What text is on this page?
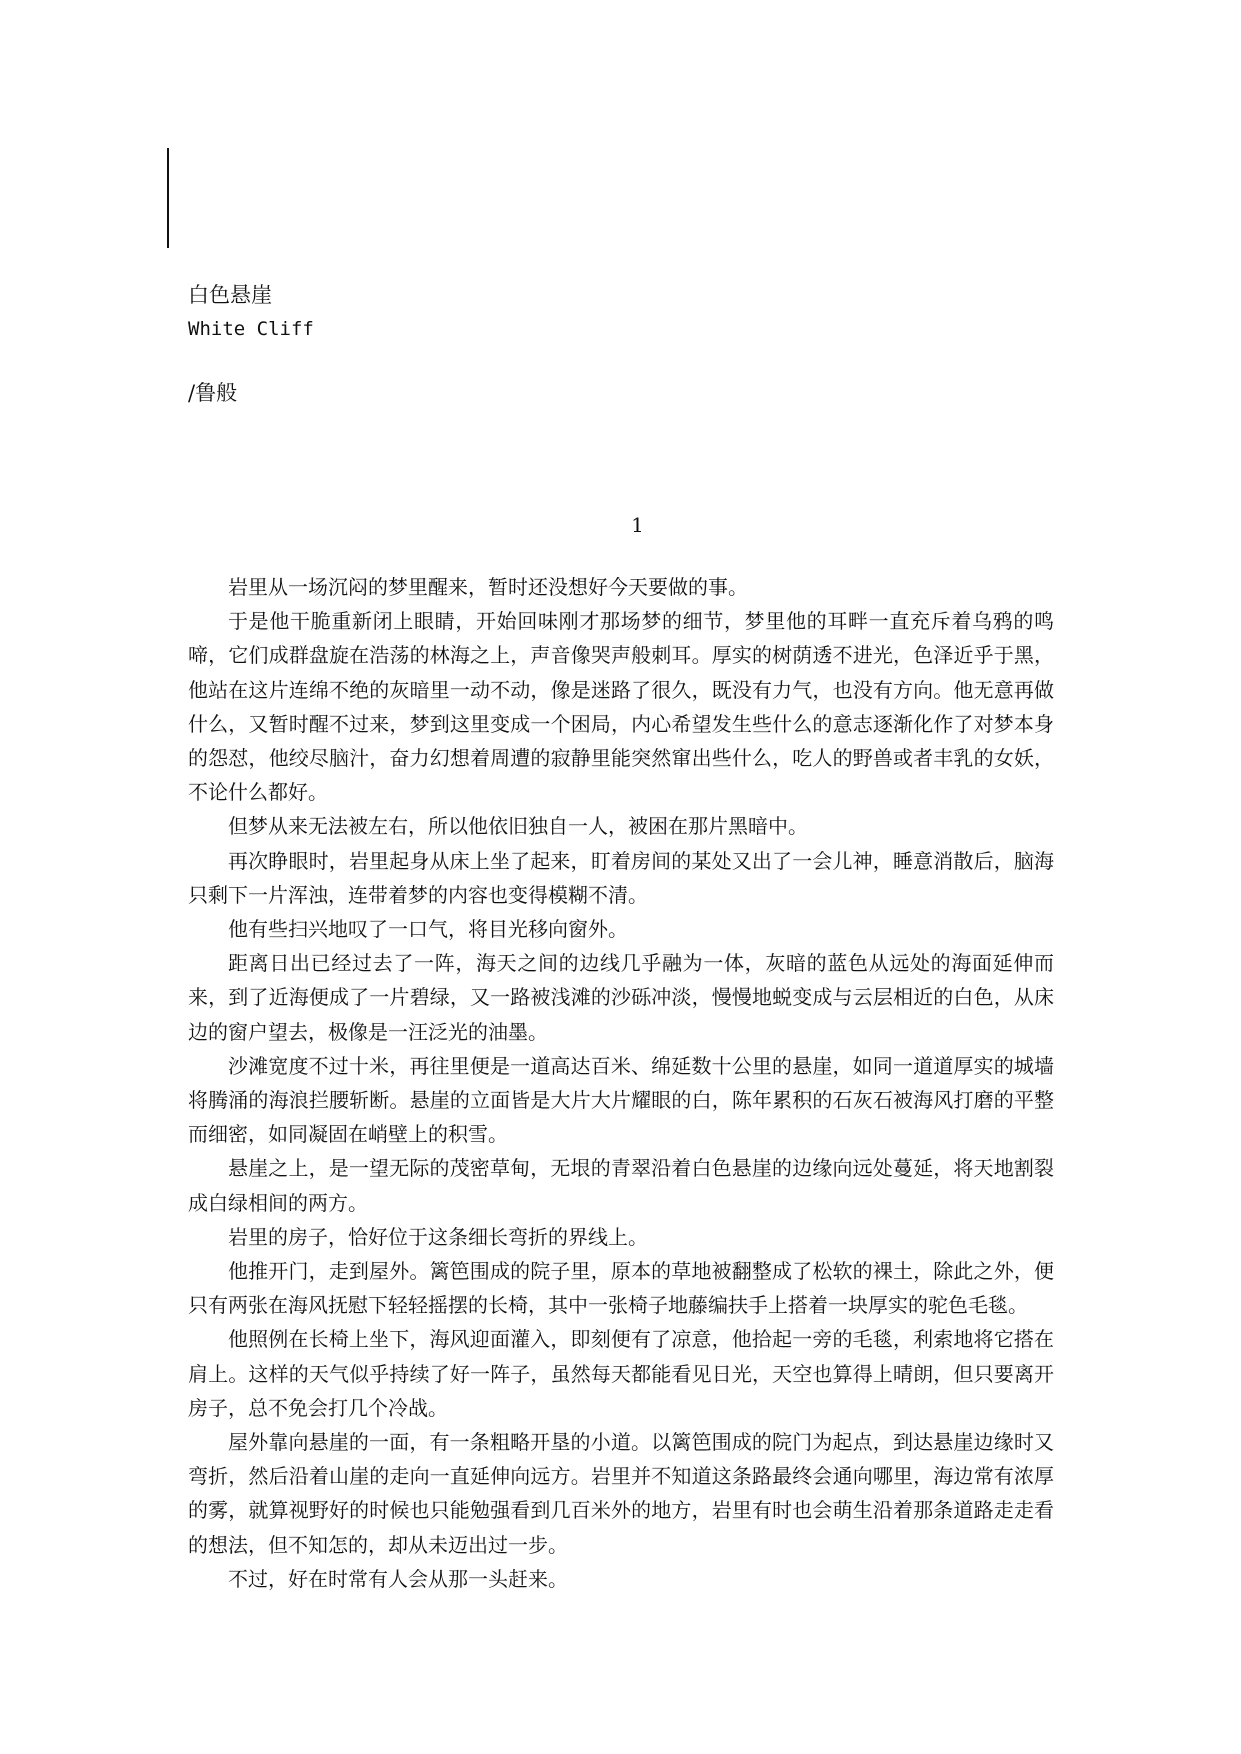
白色悬崖

White Cliff

/鲁般

1

岩里从一场沉闷的梦里醒来，暂时还没想好今天要做的事。

于是他干脆重新闭上眼睛，开始回味刚才那场梦的细节，梦里他的耳畔一直充斥着乌鸦的鸣啼，它们成群盘旋在浩荡的林海之上，声音像哭声般刺耳。厚实的树荫透不进光，色泽近乎于黑，他站在这片连绵不绝的灰暗里一动不动，像是迷路了很久，既没有力气，也没有方向。他无意再做什么，又暂时醒不过来，梦到这里变成一个困局，内心希望发生些什么的意志逐渐化作了对梦本身的怨怼，他绞尽脑汁，奋力幻想着周遭的寂静里能突然窜出些什么，吃人的野兽或者丰乳的女妖，不论什么都好。

但梦从来无法被左右，所以他依旧独自一人，被困在那片黑暗中。

再次睁眼时，岩里起身从床上坐了起来，盯着房间的某处又出了一会儿神，睡意消散后，脑海只剩下一片浑浊，连带着梦的内容也变得模糊不清。

他有些扫兴地叹了一口气，将目光移向窗外。

距离日出已经过去了一阵，海天之间的边线几乎融为一体，灰暗的蓝色从远处的海面延伸而来，到了近海便成了一片碧绿，又一路被浅滩的沙砾冲淡，慢慢地蜕变成与云层相近的白色，从床边的窗户望去，极像是一汪泛光的油墨。

沙滩宽度不过十米，再往里便是一道高达百米、绵延数十公里的悬崖，如同一道道厚实的城墙将腾涌的海浪拦腰斩断。悬崖的立面皆是大片大片耀眼的白，陈年累积的石灰石被海风打磨的平整而细密，如同凝固在峭壁上的积雪。

悬崖之上，是一望无际的茂密草甸，无垠的青翠沿着白色悬崖的边缘向远处蔓延，将天地割裂成白绿相间的两方。

岩里的房子，恰好位于这条细长弯折的界线上。

他推开门，走到屋外。篱笆围成的院子里，原本的草地被翻整成了松软的裸土，除此之外，便只有两张在海风抚慰下轻轻摇摆的长椅，其中一张椅子地藤编扶手上搭着一块厚实的驼色毛毯。

他照例在长椅上坐下，海风迎面灌入，即刻便有了凉意，他拾起一旁的毛毯，利索地将它搭在肩上。这样的天气似乎持续了好一阵子，虽然每天都能看见日光，天空也算得上晴朗，但只要离开房子，总不免会打几个冷战。

屋外靠向悬崖的一面，有一条粗略开垦的小道。以篱笆围成的院门为起点，到达悬崖边缘时又弯折，然后沿着山崖的走向一直延伸向远方。岩里并不知道这条路最终会通向哪里，海边常有浓厚的雾，就算视野好的时候也只能勉强看到几百米外的地方，岩里有时也会萌生沿着那条道路走走看的想法，但不知怎的，却从未迈出过一步。

不过，好在时常有人会从那一头赶来。
